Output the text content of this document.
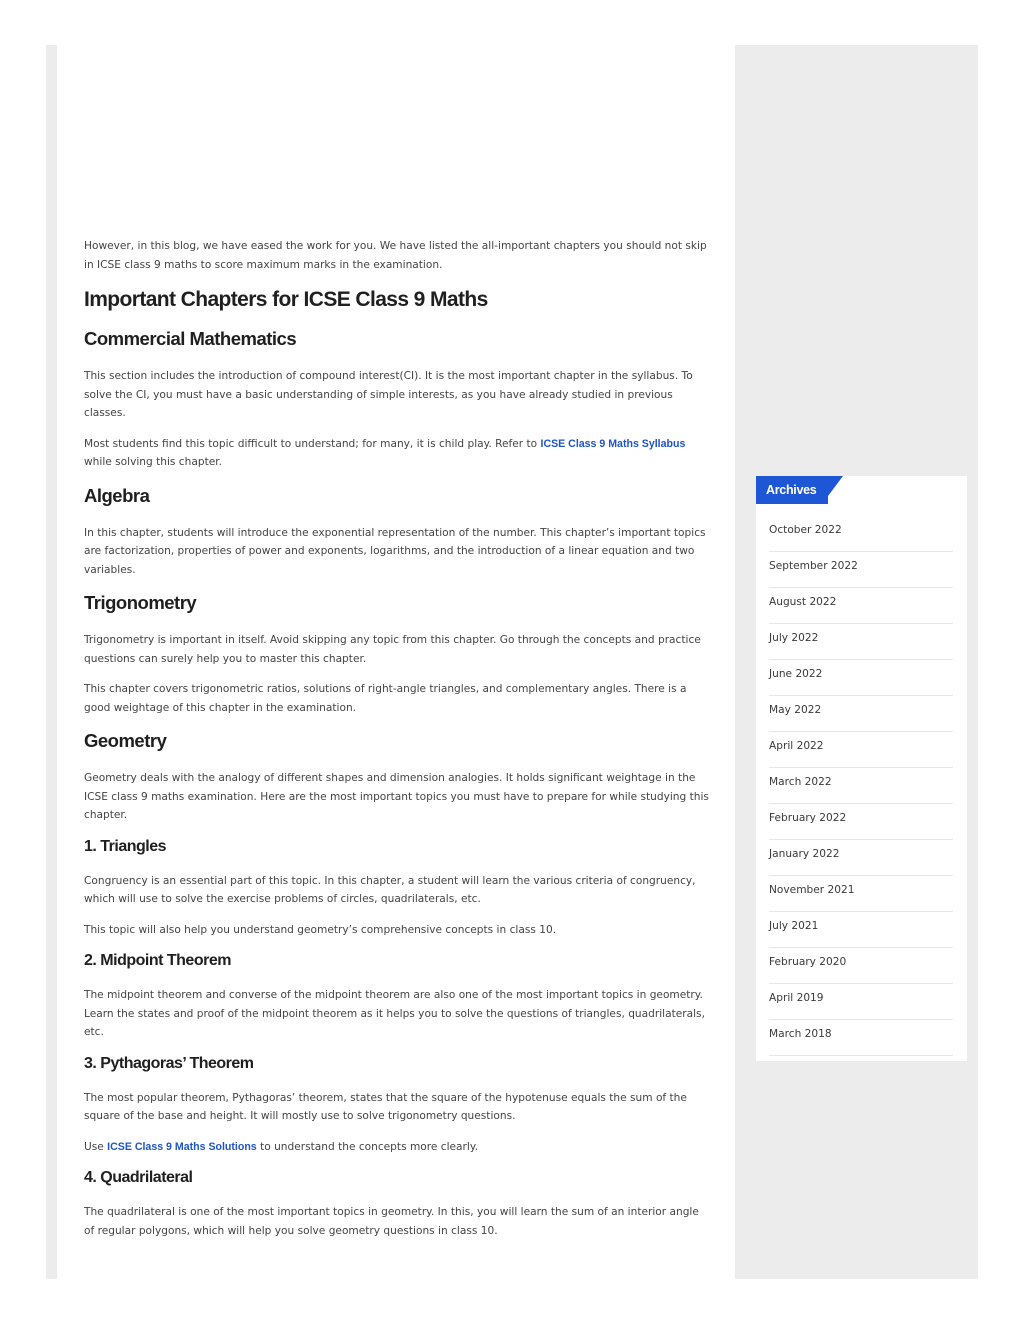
However, in this blog, we have eased the work for you. We have listed the all-important chapters you should not skip in ICSE class 9 maths to score maximum marks in the examination.

Important Chapters for ICSE Class 9 Maths
Commercial Mathematics

This section includes the introduction of compound interest(CI). It is the most important chapter in the syllabus. To solve the CI, you must have a basic understanding of simple interests, as you have already studied in previous classes.

Most students find this topic difficult to understand; for many, it is child play. Refer to ICSE Class 9 Maths Syllabus while solving this chapter.

Algebra

In this chapter, students will introduce the exponential representation of the number. This chapter’s important topics are factorization, properties of power and exponents, logarithms, and the introduction of a linear equation and two variables.

Trigonometry

Trigonometry is important in itself. Avoid skipping any topic from this chapter. Go through the concepts and practice questions can surely help you to master this chapter.

This chapter covers trigonometric ratios, solutions of right-angle triangles, and complementary angles. There is a good weightage of this chapter in the examination.

Geometry

Geometry deals with the analogy of different shapes and dimension analogies. It holds significant weightage in the ICSE class 9 maths examination. Here are the most important topics you must have to prepare for while studying this chapter.

1. Triangles

Congruency is an essential part of this topic. In this chapter, a student will learn the various criteria of congruency, which will use to solve the exercise problems of circles, quadrilaterals, etc.

This topic will also help you understand geometry’s comprehensive concepts in class 10.

2. Midpoint Theorem

The midpoint theorem and converse of the midpoint theorem are also one of the most important topics in geometry. Learn the states and proof of the midpoint theorem as it helps you to solve the questions of triangles, quadrilaterals, etc.

3. Pythagoras’ Theorem

The most popular theorem, Pythagoras’ theorem, states that the square of the hypotenuse equals the sum of the square of the base and height. It will mostly use to solve trigonometry questions.

Use ICSE Class 9 Maths Solutions to understand the concepts more clearly.

4. Quadrilateral

The quadrilateral is one of the most important topics in geometry. In this, you will learn the sum of an interior angle of regular polygons, which will help you solve geometry questions in class 10.

Archives
October 2022
September 2022
August 2022
July 2022
June 2022
May 2022
April 2022
March 2022
February 2022
January 2022
November 2021
July 2021
February 2020
April 2019
March 2018
